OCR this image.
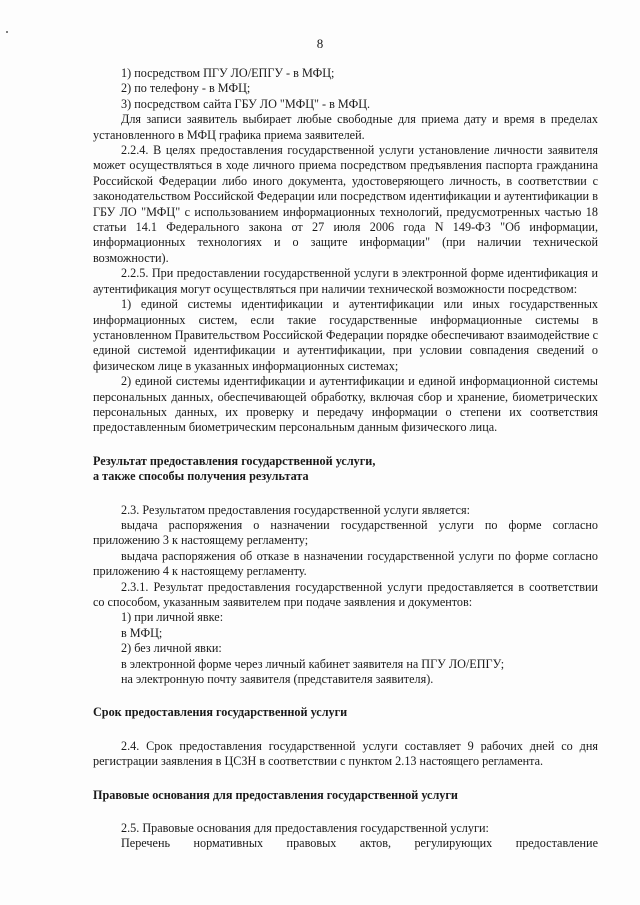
8

1) посредством ПГУ ЛО/ЕПГУ - в МФЦ;

2) по телефону - в МФЦ;

3) посредством сайта ГБУ ЛО "МФЦ" - в МФЦ.

Для записи заявитель выбирает любые свободные для приема дату и время в пределах установленного в МФЦ графика приема заявителей.

2.2.4. В целях предоставления государственной услуги установление личности заявителя может осуществляться в ходе личного приема посредством предъявления паспорта гражданина Российской Федерации либо иного документа, удостоверяющего личность, в соответствии с законодательством Российской Федерации или посредством идентификации и аутентификации в ГБУ ЛО "МФЦ" с использованием информационных технологий, предусмотренных частью 18 статьи 14.1 Федерального закона от 27 июля 2006 года N 149-ФЗ "Об информации, информационных технологиях и о защите информации" (при наличии технической возможности).

2.2.5. При предоставлении государственной услуги в электронной форме идентификация и аутентификация могут осуществляться при наличии технической возможности посредством:

1) единой системы идентификации и аутентификации или иных государственных информационных систем, если такие государственные информационные системы в установленном Правительством Российской Федерации порядке обеспечивают взаимодействие с единой системой идентификации и аутентификации, при условии совпадения сведений о физическом лице в указанных информационных системах;

2) единой системы идентификации и аутентификации и единой информационной системы персональных данных, обеспечивающей обработку, включая сбор и хранение, биометрических персональных данных, их проверку и передачу информации о степени их соответствия предоставленным биометрическим персональным данным физического лица.

Результат предоставления государственной услуги,

а также способы получения результата

2.3. Результатом предоставления государственной услуги является:

выдача распоряжения о назначении государственной услуги по форме согласно приложению 3 к настоящему регламенту;

выдача распоряжения об отказе в назначении государственной услуги по форме согласно приложению 4 к настоящему регламенту.

2.3.1. Результат предоставления государственной услуги предоставляется в соответствии со способом, указанным заявителем при подаче заявления и документов:

1) при личной явке:

в МФЦ;

2) без личной явки:

в электронной форме через личный кабинет заявителя на ПГУ ЛО/ЕПГУ;

на электронную почту заявителя (представителя заявителя).

Срок предоставления государственной услуги

2.4. Срок предоставления государственной услуги составляет 9 рабочих дней со дня регистрации заявления в ЦСЗН в соответствии с пунктом 2.13 настоящего регламента.

Правовые основания для предоставления государственной услуги

2.5. Правовые основания для предоставления государственной услуги:

Перечень нормативных правовых актов, регулирующих предоставление
